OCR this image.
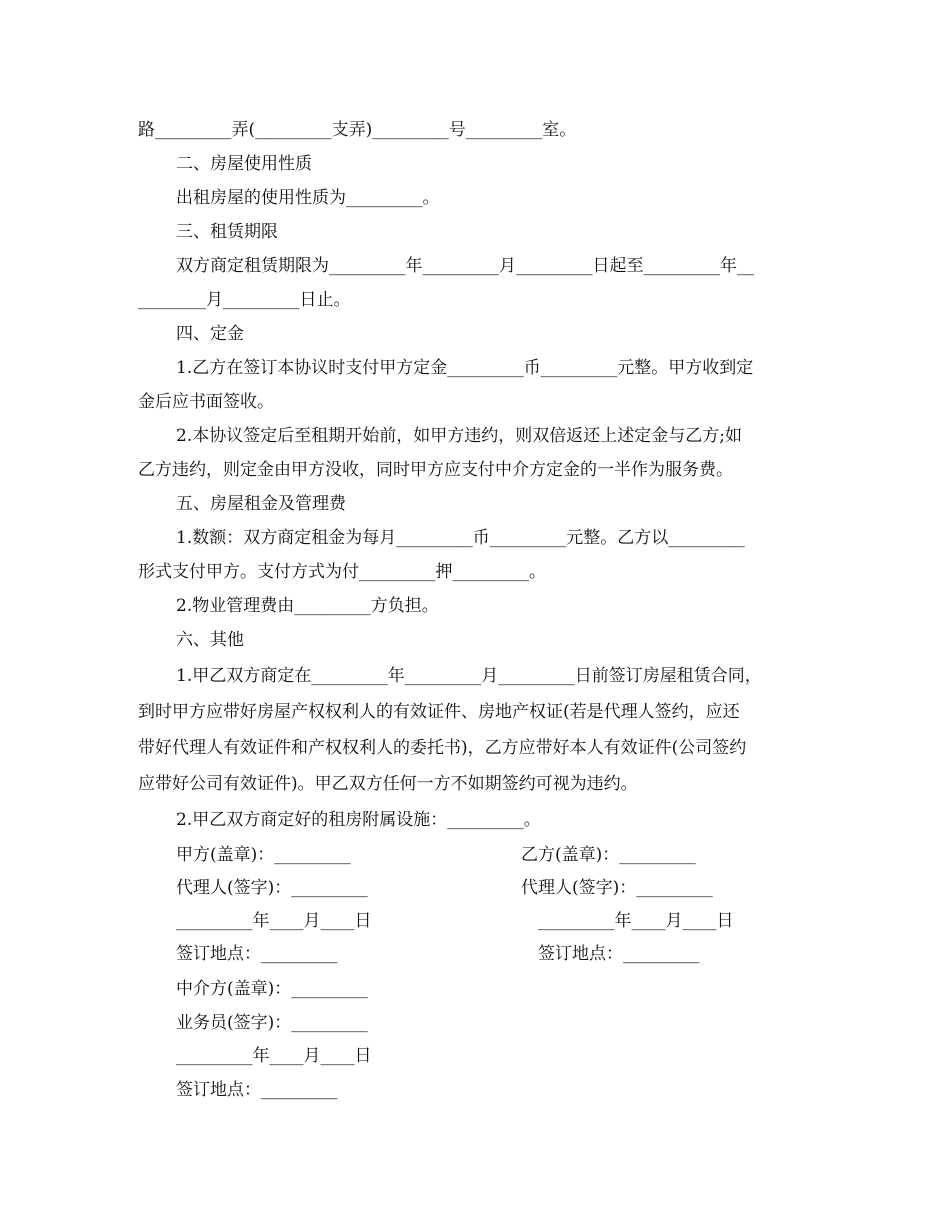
路_________弄(_________支弄)_________号_________室。
二、房屋使用性质
出租房屋的使用性质为_________。
三、租赁期限
双方商定租赁期限为_________年_________月_________日起至_________年__
________月_________日止。
四、定金
1.乙方在签订本协议时支付甲方定金_________币_________元整。甲方收到定
金后应书面签收。
2.本协议签定后至租期开始前，如甲方违约，则双倍返还上述定金与乙方;如
乙方违约，则定金由甲方没收，同时甲方应支付中介方定金的一半作为服务费。
五、房屋租金及管理费
1.数额：双方商定租金为每月_________币_________元整。乙方以_________
形式支付甲方。支付方式为付_________押_________。
2.物业管理费由_________方负担。
六、其他
1.甲乙双方商定在_________年_________月_________日前签订房屋租赁合同，
到时甲方应带好房屋产权权利人的有效证件、房地产权证(若是代理人签约，应还
带好代理人有效证件和产权权利人的委托书)，乙方应带好本人有效证件(公司签约
应带好公司有效证件)。甲乙双方任何一方不如期签约可视为违约。
2.甲乙双方商定好的租房附属设施：_________。
甲方(盖章)：_________	乙方(盖章)：_________
代理人(签字)：_________	代理人(签字)：_________
_________年____月____日	_________年____月____日
签订地点：_________	签订地点：_________
中介方(盖章)：_________
业务员(签字)：_________
_________年____月____日
签订地点：_________
